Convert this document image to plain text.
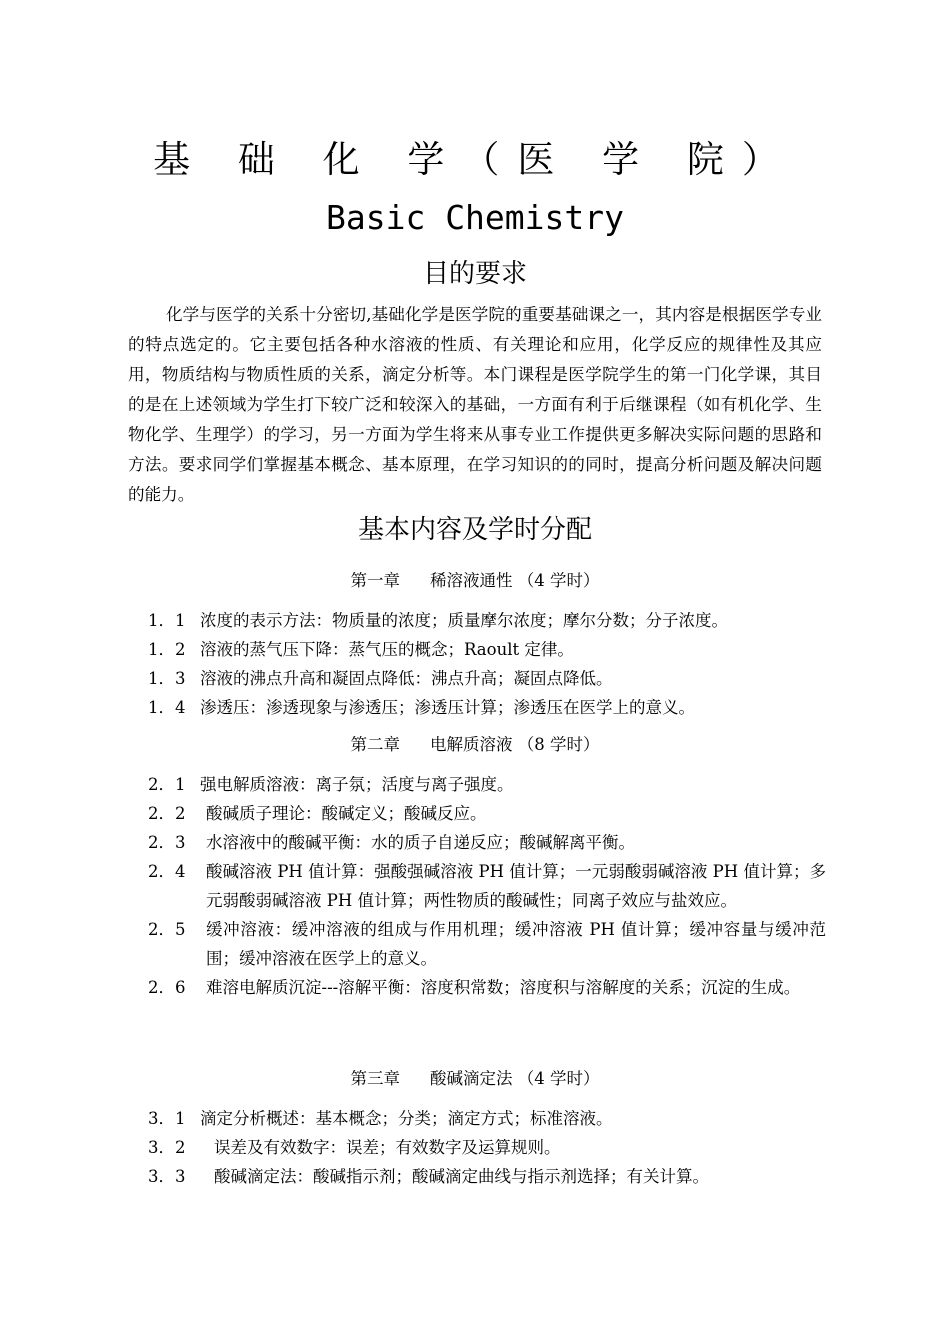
基 础 化 学（医 学 院）
Basic Chemistry
目的要求

化学与医学的关系十分密切,基础化学是医学院的重要基础课之一，其内容是根据医学专业的特点选定的。它主要包括各种水溶液的性质、有关理论和应用，化学反应的规律性及其应用，物质结构与物质性质的关系，滴定分析等。本门课程是医学院学生的第一门化学课，其目的是在上述领域为学生打下较广泛和较深入的基础，一方面有利于后继课程（如有机化学、生物化学、生理学）的学习，另一方面为学生将来从事专业工作提供更多解决实际问题的思路和方法。要求同学们掌握基本概念、基本原理，在学习知识的的同时，提高分析问题及解决问题的能力。

基本内容及学时分配
第一章 稀溶液通性 （4 学时）
1．1 浓度的表示方法：物质量的浓度；质量摩尔浓度；摩尔分数；分子浓度。
1．2 溶液的蒸气压下降：蒸气压的概念；Raoult 定律。
1．3 溶液的沸点升高和凝固点降低：沸点升高；凝固点降低。
1．4 渗透压：渗透现象与渗透压；渗透压计算；渗透压在医学上的意义。
第二章 电解质溶液 （8 学时）
2．1 强电解质溶液：离子氛；活度与离子强度。
2．2	酸碱质子理论：酸碱定义；酸碱反应。
2．3	水溶液中的酸碱平衡：水的质子自递反应；酸碱解离平衡。
2．4	酸碱溶液 PH 值计算：强酸强碱溶液 PH 值计算；一元弱酸弱碱溶液 PH 值计算；多元弱酸弱碱溶液 PH 值计算；两性物质的酸碱性；同离子效应与盐效应。
2．5	缓冲溶液：缓冲溶液的组成与作用机理；缓冲溶液 PH 值计算；缓冲容量与缓冲范围；缓冲溶液在医学上的意义。
2．6	难溶电解质沉淀---溶解平衡：溶度积常数；溶度积与溶解度的关系；沉淀的生成。
第三章 酸碱滴定法 （4 学时）
3．1 滴定分析概述：基本概念；分类；滴定方式；标准溶液。
3．2	误差及有效数字：误差；有效数字及运算规则。
3．3	酸碱滴定法：酸碱指示剂；酸碱滴定曲线与指示剂选择；有关计算。
